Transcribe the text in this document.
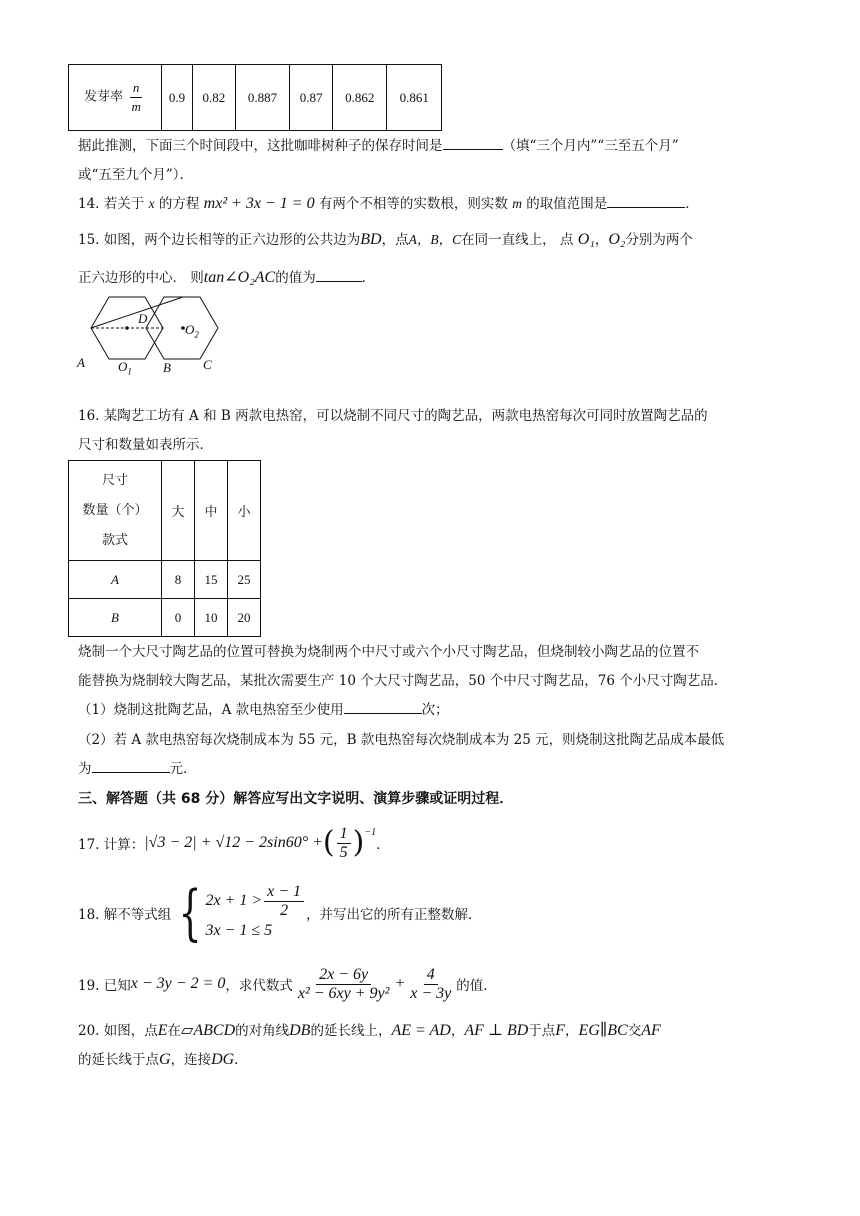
发芽率 $\frac{n}{m}$	0.9	0.82	0.887	0.87	0.862	0.861
据此推测，下面三个时间段中，这批咖啡树种子的保存时间是	（填“三个月内”“三至五个月”
或“五至九个月”）．
14. 若关于 x 的方程 mx² + 3x − 1 = 0 有两个不相等的实数根，则实数 m 的取值范围是	．
15. 如图，两个边长相等的正六边形的公共边为BD，点A，B，C在同一直线上， 点 O₁，O₂分别为两个
正六边形的中心． 则tan∠O₂AC的值为	．
A	B C
D
$O_1$
$O_2$
16. 某陶艺工坊有 A 和 B 两款电热窑，可以烧制不同尺寸的陶艺品，两款电热窑每次可同时放置陶艺品的
尺寸和数量如表所示．
尺寸
数量（个）
款式	大	中	小
A	8	15	25
B	0	10	20
烧制一个大尺寸陶艺品的位置可替换为烧制两个中尺寸或六个小尺寸陶艺品，但烧制较小陶艺品的位置不
能替换为烧制较大陶艺品，某批次需要生产 10 个大尺寸陶艺品，50 个中尺寸陶艺品，76 个小尺寸陶艺品．
（1）烧制这批陶艺品，A 款电热窑至少使用	次；
（2）若 A 款电热窑每次烧制成本为 55 元，B 款电热窑每次烧制成本为 25 元，则烧制这批陶艺品成本最低
为	元．
三、解答题（共 68 分）解答应写出文字说明、演算步骤或证明过程．
17. 计算： |√3 − 2| + √12 − 2sin60° + ( $\frac{1}{5} )^{-1}$
．
18. 解不等式组 { $2x + 1 > \frac{x - 1}{2}$
3x − 1 ≤ 5
，并写出它的所有正整数解．
19. 已知 x − 3y − 2 = 0 ，求代数式 $\frac{2x - 6y}{\text{x² − 6xy + 9y²}} + \frac{4}{x - 3y}$ 的值．
20. 如图，点E在▱ABCD的对角线DB的延长线上，AE = AD，AF ⊥ BD于点F，EG∥BC交AF
的延长线于点G，连接DG．
